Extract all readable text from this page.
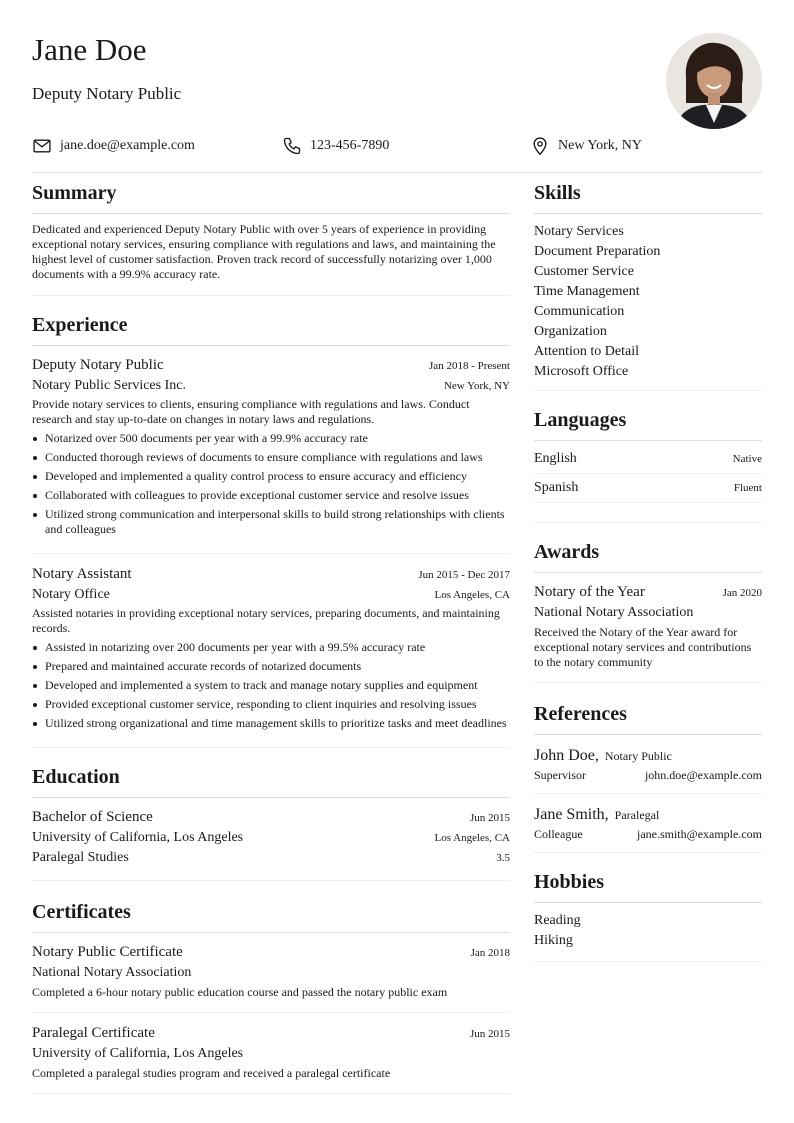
Jane Doe
Deputy Notary Public
jane.doe@example.com	123-456-7890	New York, NY
Summary

Dedicated and experienced Deputy Notary Public with over 5 years of experience in providing exceptional notary services, ensuring compliance with regulations and laws, and maintaining the highest level of customer satisfaction. Proven track record of successfully notarizing over 1,000 documents with a 99.9% accuracy rate.

Experience
Deputy Notary Public	Jan 2018 - Present
Notary Public Services Inc.	New York, NY

Provide notary services to clients, ensuring compliance with regulations and laws. Conduct research and stay up-to-date on changes in notary laws and regulations.

Notarized over 500 documents per year with a 99.9% accuracy rate
Conducted thorough reviews of documents to ensure compliance with regulations and laws
Developed and implemented a quality control process to ensure accuracy and efficiency
Collaborated with colleagues to provide exceptional customer service and resolve issues
Utilized strong communication and interpersonal skills to build strong relationships with clients and colleagues
Notary Assistant	Jun 2015 - Dec 2017
Notary Office	Los Angeles, CA

Assisted notaries in providing exceptional notary services, preparing documents, and maintaining records.

Assisted in notarizing over 200 documents per year with a 99.5% accuracy rate
Prepared and maintained accurate records of notarized documents
Developed and implemented a system to track and manage notary supplies and equipment
Provided exceptional customer service, responding to client inquiries and resolving issues
Utilized strong organizational and time management skills to prioritize tasks and meet deadlines
Education
Bachelor of Science	Jun 2015
University of California, Los Angeles	Los Angeles, CA
Paralegal Studies	3.5
Certificates
Notary Public Certificate	Jan 2018
National Notary Association

Completed a 6-hour notary public education course and passed the notary public exam

Paralegal Certificate	Jun 2015
University of California, Los Angeles

Completed a paralegal studies program and received a paralegal certificate

Skills
Notary Services
Document Preparation
Customer Service
Time Management
Communication
Organization
Attention to Detail
Microsoft Office
Languages
English	Native
Spanish	Fluent
Awards
Notary of the Year	Jan 2020
National Notary Association

Received the Notary of the Year award for exceptional notary services and contributions to the notary community

References
John Doe, Notary Public
Supervisor	john.doe@example.com
Jane Smith, Paralegal
Colleague	jane.smith@example.com
Hobbies
Reading
Hiking
